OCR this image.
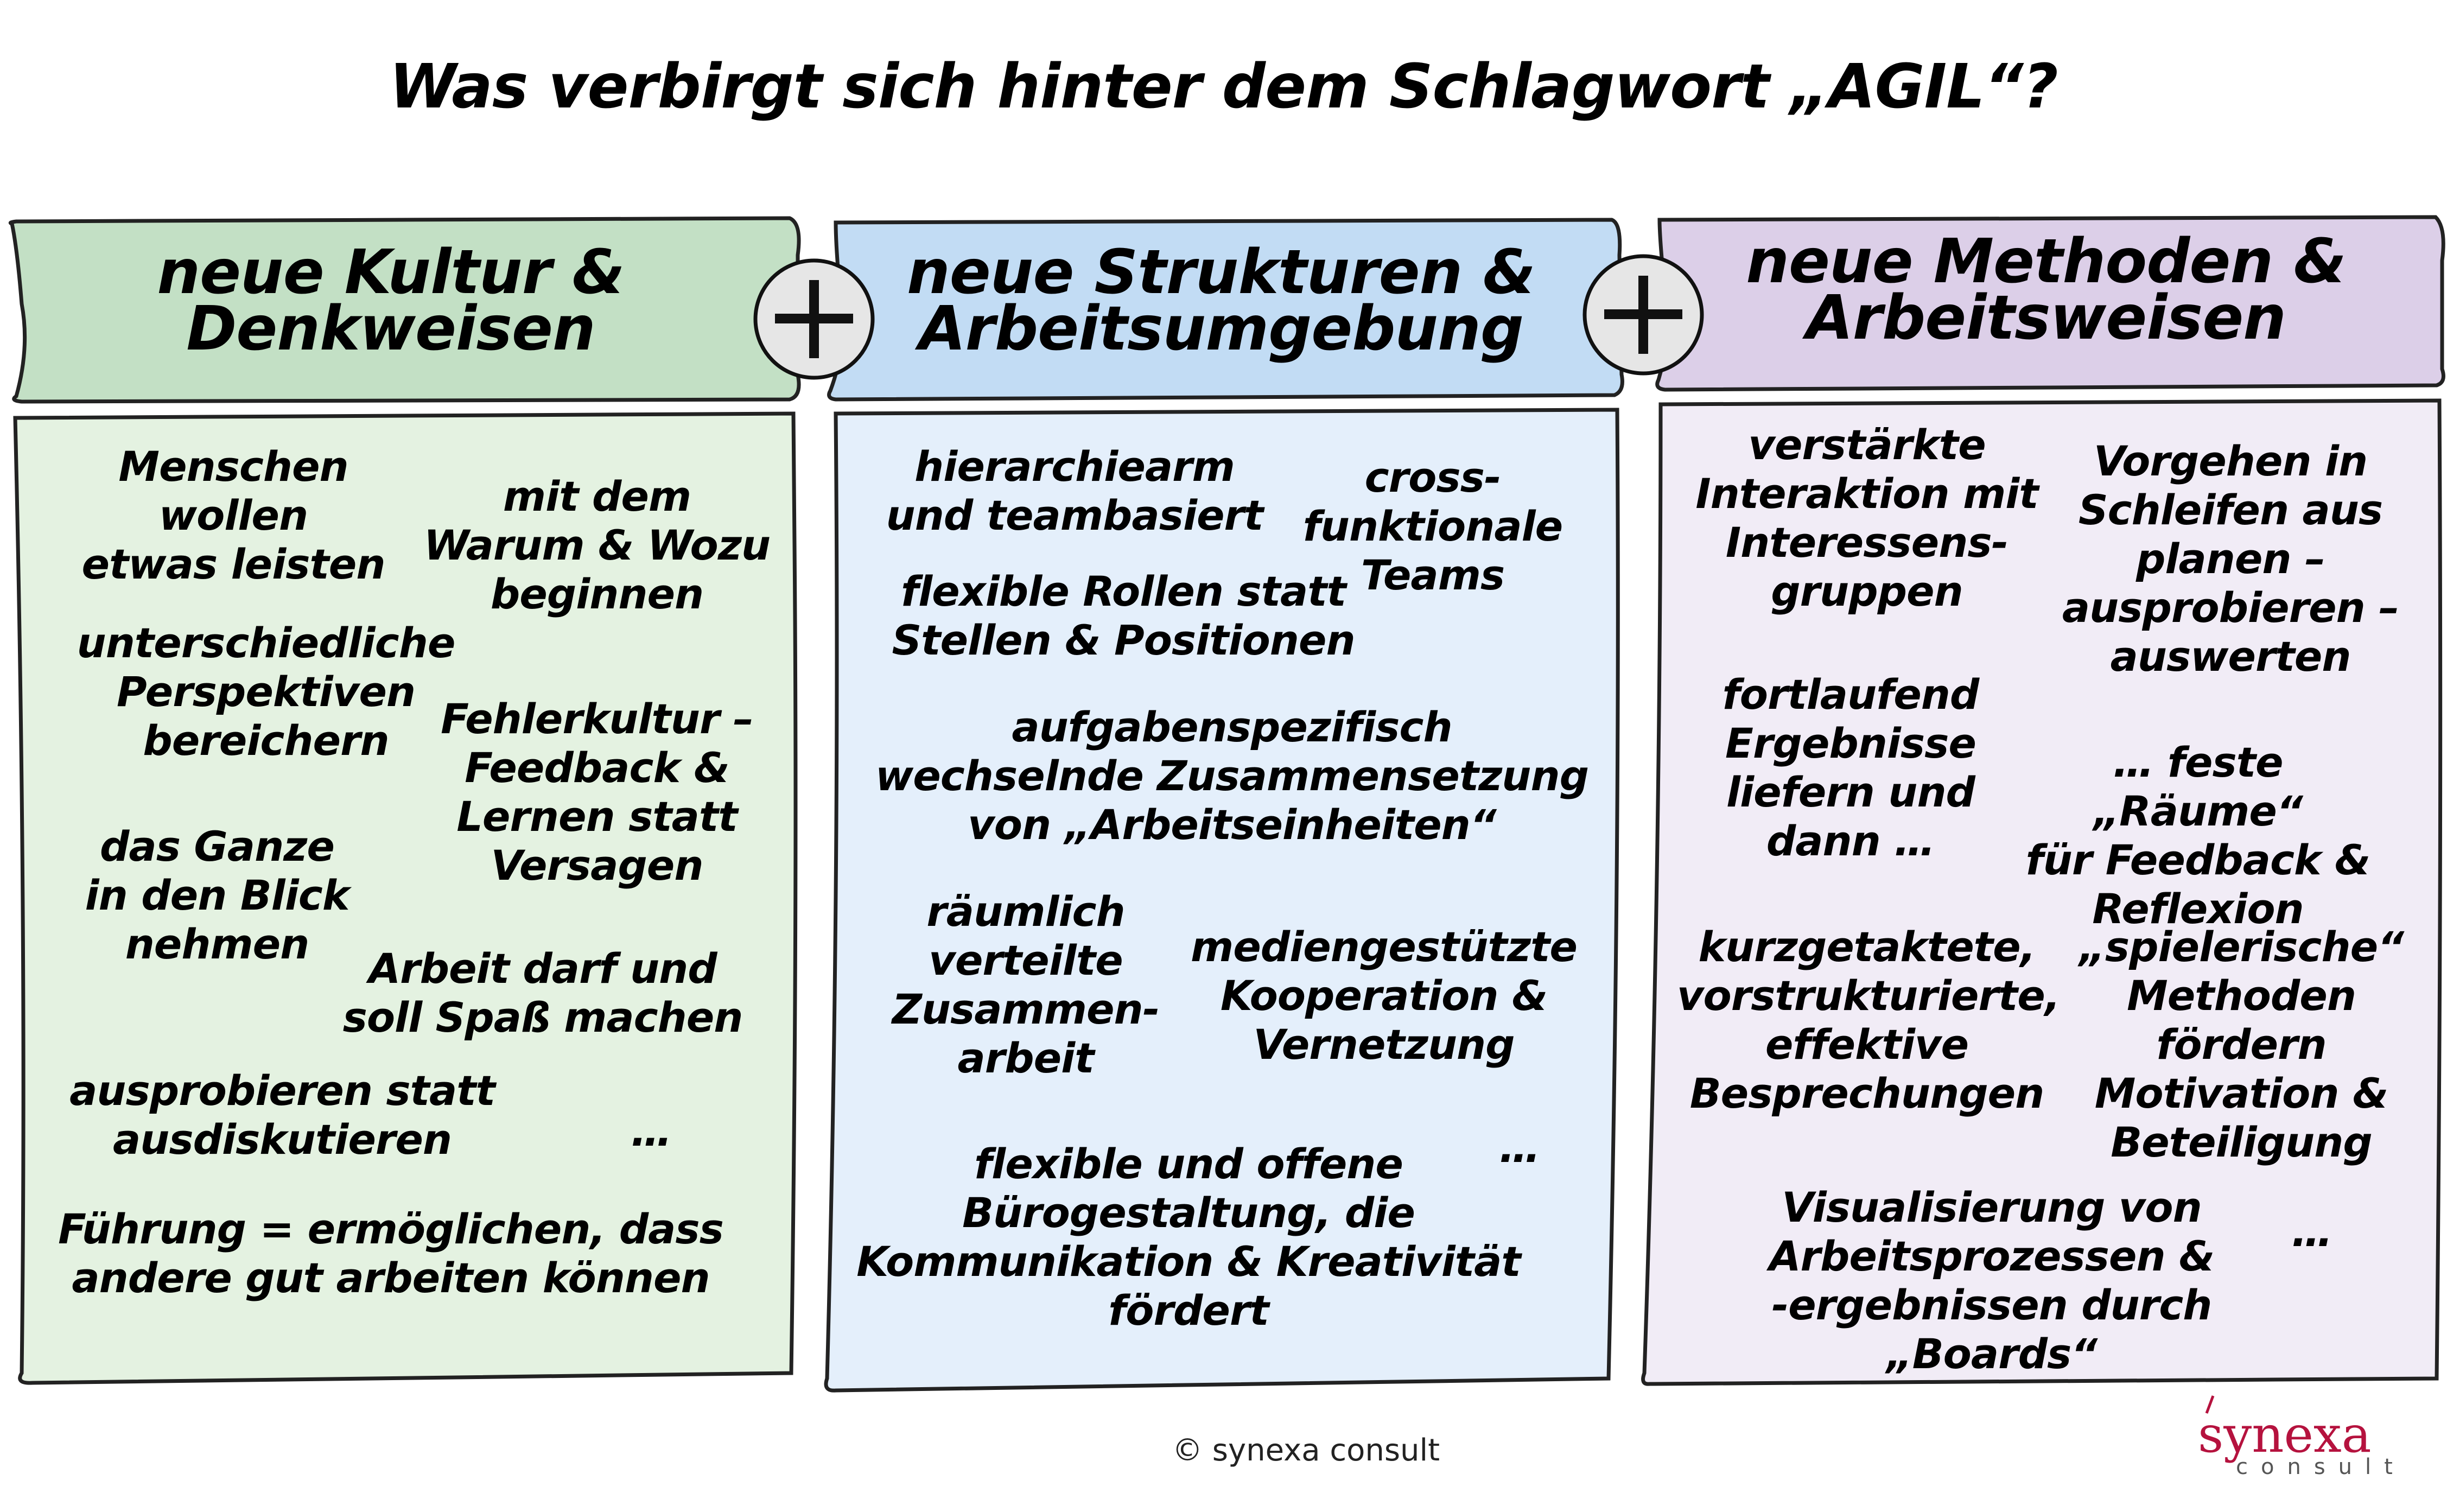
Was verbirgt sich hinter dem Schlagwort „AGIL“?
neue Kultur &
Denkweisen
neue Strukturen &
Arbeitsumgebung
neue Methoden &
Arbeitsweisen
Menschen wollen
etwas leisten
mit dem
Warum & Wozu
beginnen
unterschiedliche
Perspektiven
bereichern	Fehlerkultur –
Feedback &
Lernen statt
Versagen
das Ganze
in den Blick
nehmen
Arbeit darf und
soll Spaß machen
ausprobieren statt
ausdiskutieren	…
Führung = ermöglichen, dass
andere gut arbeiten können
hierarchiearm
und teambasiert
cross-
funktionale
Teams
flexible Rollen statt
Stellen & Positionen
aufgabenspezifisch
wechselnde Zusammensetzung
von „Arbeitseinheiten“
räumlich
verteilte
Zusammen-
arbeit
mediengestützte
Kooperation &
Vernetzung
flexible und offene
Bürogestaltung, die
Kommunikation & Kreativität
fördert
…
verstärkte
Interaktion mit
Interessens-
gruppen
Vorgehen in
Schleifen aus
planen –
ausprobieren –
auswerten
fortlaufend
Ergebnisse
liefern und
dann …
… feste „Räume“
für Feedback &
Reflexion
kurzgetaktete,
vorstrukturierte,
effektive
Besprechungen
„spielerische“
Methoden
fördern
Motivation &
Beteiligung
Visualisierung von
Arbeitsprozessen &
-ergebnissen durch „Boards“
…
© synexa consult	synexa
consult
